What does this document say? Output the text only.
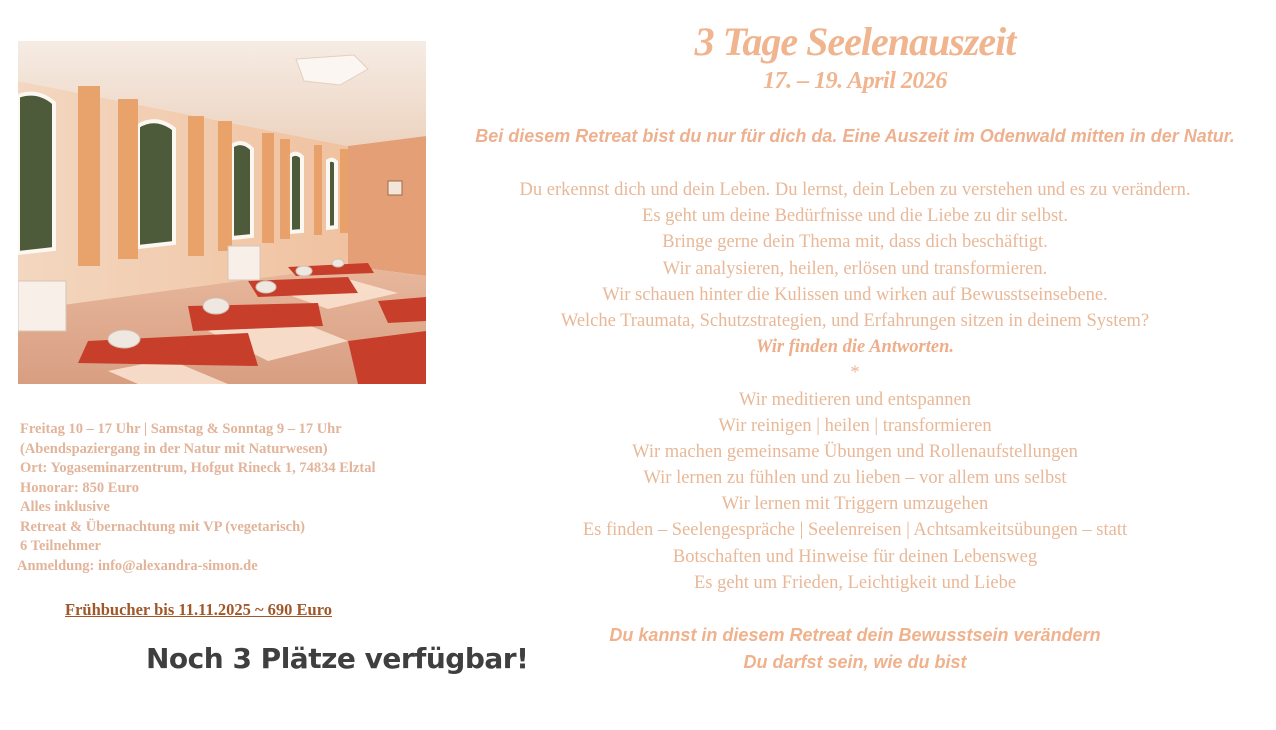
Freitag 10 – 17 Uhr | Samstag & Sonntag 9 – 17 Uhr
(Abendspaziergang in der Natur mit Naturwesen)
Ort: Yogaseminarzentrum, Hofgut Rineck 1, 74834 Elztal
Honorar: 850 Euro
Alles inklusive
Retreat & Übernachtung mit VP (vegetarisch)
6 Teilnehmer
Anmeldung: info@alexandra-simon.de
Frühbucher bis 11.11.2025 ~ 690 Euro
Noch 3 Plätze verfügbar!
3 Tage Seelenauszeit
17. – 19. April 2026
Bei diesem Retreat bist du nur für dich da. Eine Auszeit im Odenwald mitten in der Natur.
Du erkennst dich und dein Leben. Du lernst, dein Leben zu verstehen und es zu verändern.
Es geht um deine Bedürfnisse und die Liebe zu dir selbst.
Bringe gerne dein Thema mit, dass dich beschäftigt.
Wir analysieren, heilen, erlösen und transformieren.
Wir schauen hinter die Kulissen und wirken auf Bewusstseinsebene.
Welche Traumata, Schutzstrategien, und Erfahrungen sitzen in deinem System?
Wir finden die Antworten.
*
Wir meditieren und entspannen
Wir reinigen | heilen | transformieren
Wir machen gemeinsame Übungen und Rollenaufstellungen
Wir lernen zu fühlen und zu lieben – vor allem uns selbst
Wir lernen mit Triggern umzugehen
Es finden – Seelengespräche | Seelenreisen | Achtsamkeitsübungen – statt
Botschaften und Hinweise für deinen Lebensweg
Es geht um Frieden, Leichtigkeit und Liebe
Du kannst in diesem Retreat dein Bewusstsein verändern
Du darfst sein, wie du bist
